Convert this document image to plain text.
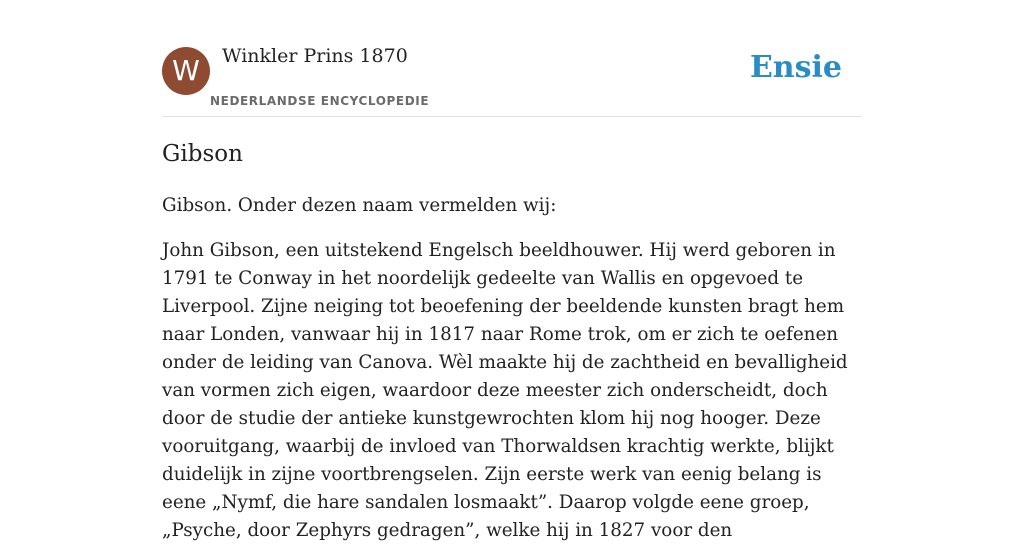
W	Winkler Prins 1870
NEDERLANDSE ENCYCLOPEDIE
Ensie
Gibson

Gibson. Onder dezen naam vermelden wij:

John Gibson, een uitstekend Engelsch beeldhouwer. Hij werd geboren in 1791 te Conway in het noordelijk gedeelte van Wallis en opgevoed te Liverpool. Zijne neiging tot beoefening der beeldende kunsten bragt hem naar Londen, vanwaar hij in 1817 naar Rome trok, om er zich te oefenen onder de leiding van Canova. Wèl maakte hij de zachtheid en bevalligheid van vormen zich eigen, waardoor deze meester zich onderscheidt, doch door de studie der antieke kunstgewrochten klom hij nog hooger. Deze vooruitgang, waarbij de invloed van Thorwaldsen krachtig werkte, blijkt duidelijk in zijne voortbrengselen. Zijn eerste werk van eenig belang is eene „Nymf, die hare sandalen losmaakt”. Daarop volgde eene groep, „Psyche, door Zephyrs gedragen”, welke hij in 1827 voor den
